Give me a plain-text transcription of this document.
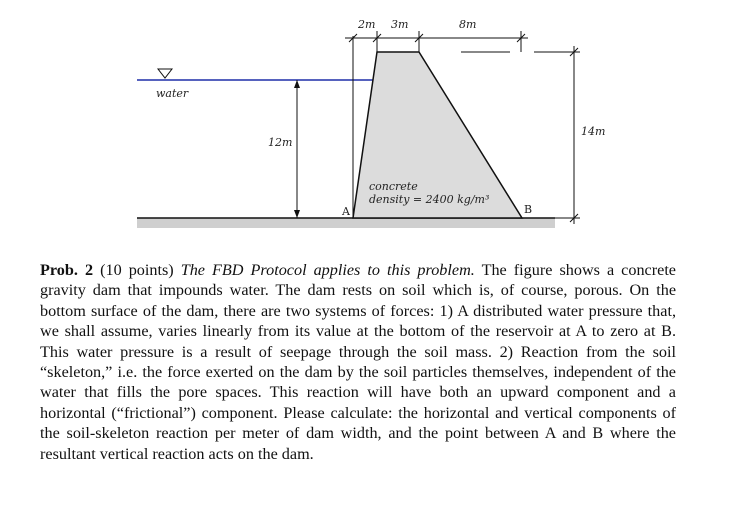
water
2m 3m	8m
14m
12m
concrete
density = 2400 kg/m³
A	B
Prob. 2 (10 points) The FBD Protocol applies to this problem. The figure shows a concrete gravity dam that impounds water. The dam rests on soil which is, of course, porous. On the bottom surface of the dam, there are two systems of forces: 1) A distributed water pressure that, we shall assume, varies linearly from its value at the bottom of the reservoir at A to zero at B. This water pressure is a result of seepage through the soil mass. 2) Reaction from the soil “skeleton,” i.e. the force exerted on the dam by the soil particles themselves, independent of the water that fills the pore spaces. This reaction will have both an upward component and a horizontal (“frictional”) component. Please calculate: the horizontal and vertical components of the soil-skeleton reaction per meter of dam width, and the point between A and B where the resultant vertical reaction acts on the dam.
